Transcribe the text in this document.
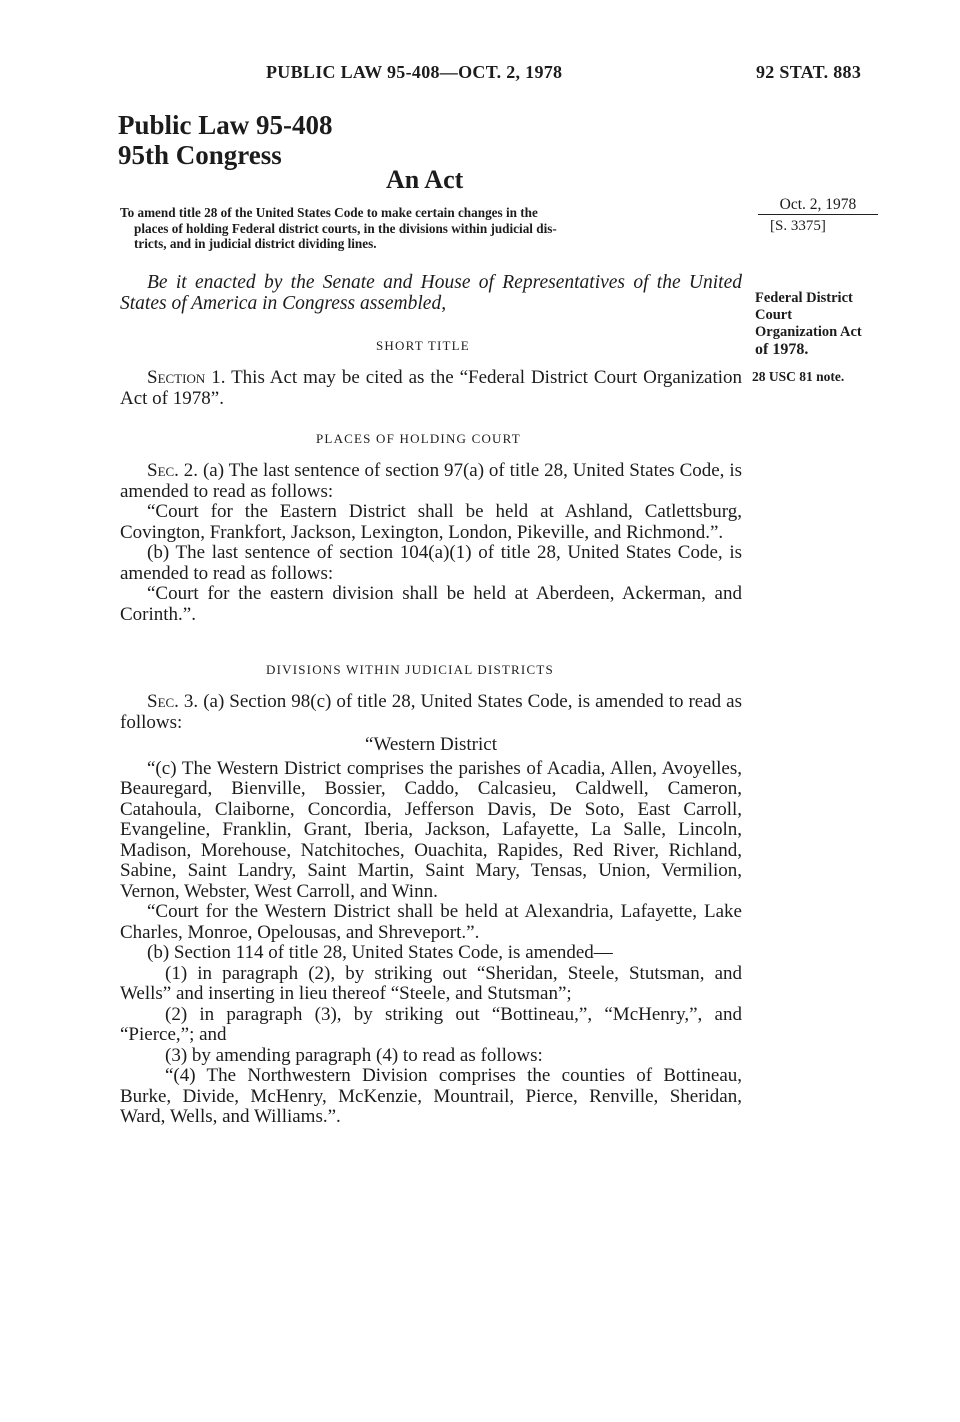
PUBLIC LAW 95-408—OCT. 2, 1978	92 STAT. 883
Public Law 95-408
95th Congress
An Act
To amend title 28 of the United States Code to make certain changes in the
places of holding Federal district courts, in the divisions within judicial dis-
tricts, and in judicial district dividing lines.
Oct. 2, 1978
[S. 3375]
Federal District
Court
Organization Act
of 1978.
28 USC 81 note.

Be it enacted by the Senate and House of Representatives of the United States of America in Congress assembled,

SHORT TITLE

Section 1. This Act may be cited as the “Federal District Court Organization Act of 1978”.

PLACES OF HOLDING COURT

Sec. 2. (a) The last sentence of section 97(a) of title 28, United States Code, is amended to read as follows:

“Court for the Eastern District shall be held at Ashland, Catlettsburg, Covington, Frankfort, Jackson, Lexington, London, Pikeville, and Richmond.”.

(b) The last sentence of section 104(a)(1) of title 28, United States Code, is amended to read as follows:

“Court for the eastern division shall be held at Aberdeen, Ackerman, and Corinth.”.

DIVISIONS WITHIN JUDICIAL DISTRICTS

Sec. 3. (a) Section 98(c) of title 28, United States Code, is amended to read as follows:

“Western District

“(c) The Western District comprises the parishes of Acadia, Allen, Avoyelles, Beauregard, Bienville, Bossier, Caddo, Calcasieu, Caldwell, Cameron, Catahoula, Claiborne, Concordia, Jefferson Davis, De Soto, East Carroll, Evangeline, Franklin, Grant, Iberia, Jackson, Lafayette, La Salle, Lincoln, Madison, Morehouse, Natchitoches, Ouachita, Rapides, Red River, Richland, Sabine, Saint Landry, Saint Martin, Saint Mary, Tensas, Union, Vermilion, Vernon, Webster, West Carroll, and Winn.

“Court for the Western District shall be held at Alexandria, Lafayette, Lake Charles, Monroe, Opelousas, and Shreveport.”.

(b) Section 114 of title 28, United States Code, is amended—

(1) in paragraph (2), by striking out “Sheridan, Steele, Stutsman, and Wells” and inserting in lieu thereof “Steele, and Stutsman”;

(2) in paragraph (3), by striking out “Bottineau,”, “McHenry,”, and “Pierce,”; and

(3) by amending paragraph (4) to read as follows:

“(4) The Northwestern Division comprises the counties of Bottineau, Burke, Divide, McHenry, McKenzie, Mountrail, Pierce, Renville, Sheridan, Ward, Wells, and Williams.”.
